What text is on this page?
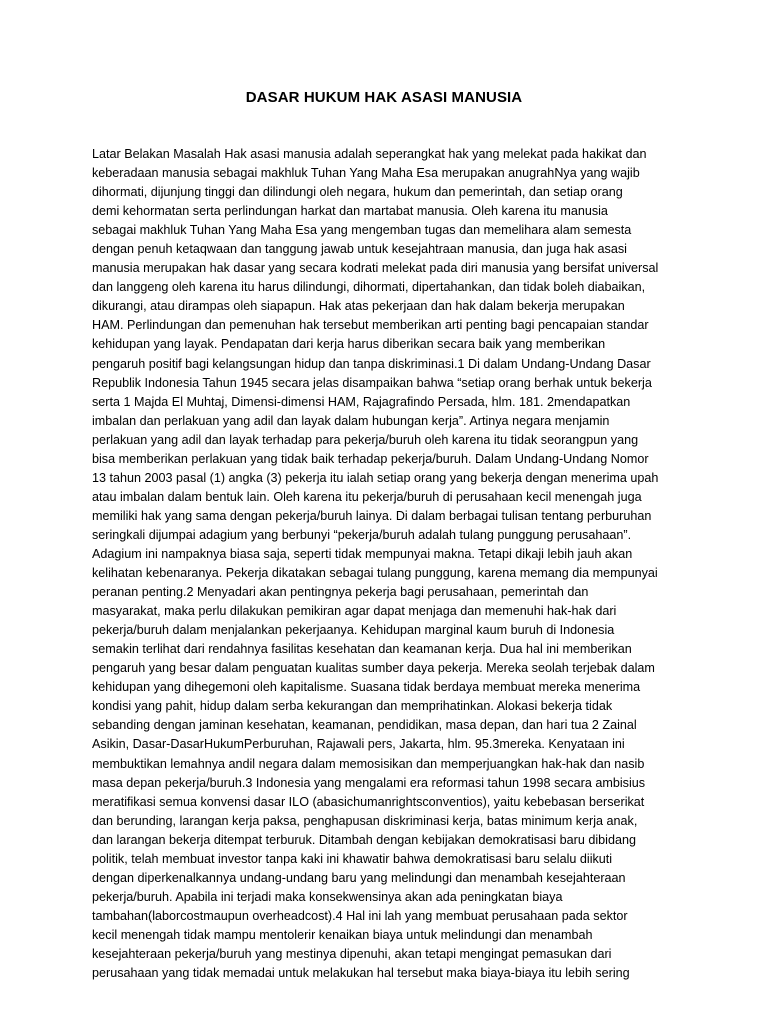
DASAR HUKUM HAK ASASI MANUSIA
Latar Belakan Masalah Hak asasi manusia adalah seperangkat hak yang melekat pada hakikat dan
keberadaan manusia sebagai makhluk Tuhan Yang Maha Esa merupakan anugrahNya yang wajib
dihormati, dijunjung tinggi dan dilindungi oleh negara, hukum dan pemerintah, dan setiap orang
demi kehormatan serta perlindungan harkat dan martabat manusia. Oleh karena itu manusia
sebagai makhluk Tuhan Yang Maha Esa yang mengemban tugas dan memelihara alam semesta
dengan penuh ketaqwaan dan tanggung jawab untuk kesejahtraan manusia, dan juga hak asasi
manusia merupakan hak dasar yang secara kodrati melekat pada diri manusia yang bersifat universal
dan langgeng oleh karena itu harus dilindungi, dihormati, dipertahankan, dan tidak boleh diabaikan,
dikurangi, atau dirampas oleh siapapun. Hak atas pekerjaan dan hak dalam bekerja merupakan
HAM. Perlindungan dan pemenuhan hak tersebut memberikan arti penting bagi pencapaian standar
kehidupan yang layak. Pendapatan dari kerja harus diberikan secara baik yang memberikan
pengaruh positif bagi kelangsungan hidup dan tanpa diskriminasi.1 Di dalam Undang-Undang Dasar
Republik Indonesia Tahun 1945 secara jelas disampaikan bahwa “setiap orang berhak untuk bekerja
serta 1 Majda El Muhtaj, Dimensi-dimensi HAM, Rajagrafindo Persada, hlm. 181. 2mendapatkan
imbalan dan perlakuan yang adil dan layak dalam hubungan kerja”. Artinya negara menjamin
perlakuan yang adil dan layak terhadap para pekerja/buruh oleh karena itu tidak seorangpun yang
bisa memberikan perlakuan yang tidak baik terhadap pekerja/buruh. Dalam Undang-Undang Nomor
13 tahun 2003 pasal (1) angka (3) pekerja itu ialah setiap orang yang bekerja dengan menerima upah
atau imbalan dalam bentuk lain. Oleh karena itu pekerja/buruh di perusahaan kecil menengah juga
memiliki hak yang sama dengan pekerja/buruh lainya. Di dalam berbagai tulisan tentang perburuhan
seringkali dijumpai adagium yang berbunyi “pekerja/buruh adalah tulang punggung perusahaan”.
Adagium ini nampaknya biasa saja, seperti tidak mempunyai makna. Tetapi dikaji lebih jauh akan
kelihatan kebenaranya. Pekerja dikatakan sebagai tulang punggung, karena memang dia mempunyai
peranan penting.2 Menyadari akan pentingnya pekerja bagi perusahaan, pemerintah dan
masyarakat, maka perlu dilakukan pemikiran agar dapat menjaga dan memenuhi hak-hak dari
pekerja/buruh dalam menjalankan pekerjaanya. Kehidupan marginal kaum buruh di Indonesia
semakin terlihat dari rendahnya fasilitas kesehatan dan keamanan kerja. Dua hal ini memberikan
pengaruh yang besar dalam penguatan kualitas sumber daya pekerja. Mereka seolah terjebak dalam
kehidupan yang dihegemoni oleh kapitalisme. Suasana tidak berdaya membuat mereka menerima
kondisi yang pahit, hidup dalam serba kekurangan dan memprihatinkan. Alokasi bekerja tidak
sebanding dengan jaminan kesehatan, keamanan, pendidikan, masa depan, dan hari tua 2 Zainal
Asikin, Dasar-DasarHukumPerburuhan, Rajawali pers, Jakarta, hlm. 95.3mereka. Kenyataan ini
membuktikan lemahnya andil negara dalam memosisikan dan memperjuangkan hak-hak dan nasib
masa depan pekerja/buruh.3 Indonesia yang mengalami era reformasi tahun 1998 secara ambisius
meratifikasi semua konvensi dasar ILO (abasichumanrightsconventios), yaitu kebebasan berserikat
dan berunding, larangan kerja paksa, penghapusan diskriminasi kerja, batas minimum kerja anak,
dan larangan bekerja ditempat terburuk. Ditambah dengan kebijakan demokratisasi baru dibidang
politik, telah membuat investor tanpa kaki ini khawatir bahwa demokratisasi baru selalu diikuti
dengan diperkenalkannya undang-undang baru yang melindungi dan menambah kesejahteraan
pekerja/buruh. Apabila ini terjadi maka konsekwensinya akan ada peningkatan biaya
tambahan(laborcostmaupun overheadcost).4 Hal ini lah yang membuat perusahaan pada sektor
kecil menengah tidak mampu mentolerir kenaikan biaya untuk melindungi dan menambah
kesejahteraan pekerja/buruh yang mestinya dipenuhi, akan tetapi mengingat pemasukan dari
perusahaan yang tidak memadai untuk melakukan hal tersebut maka biaya-biaya itu lebih sering
